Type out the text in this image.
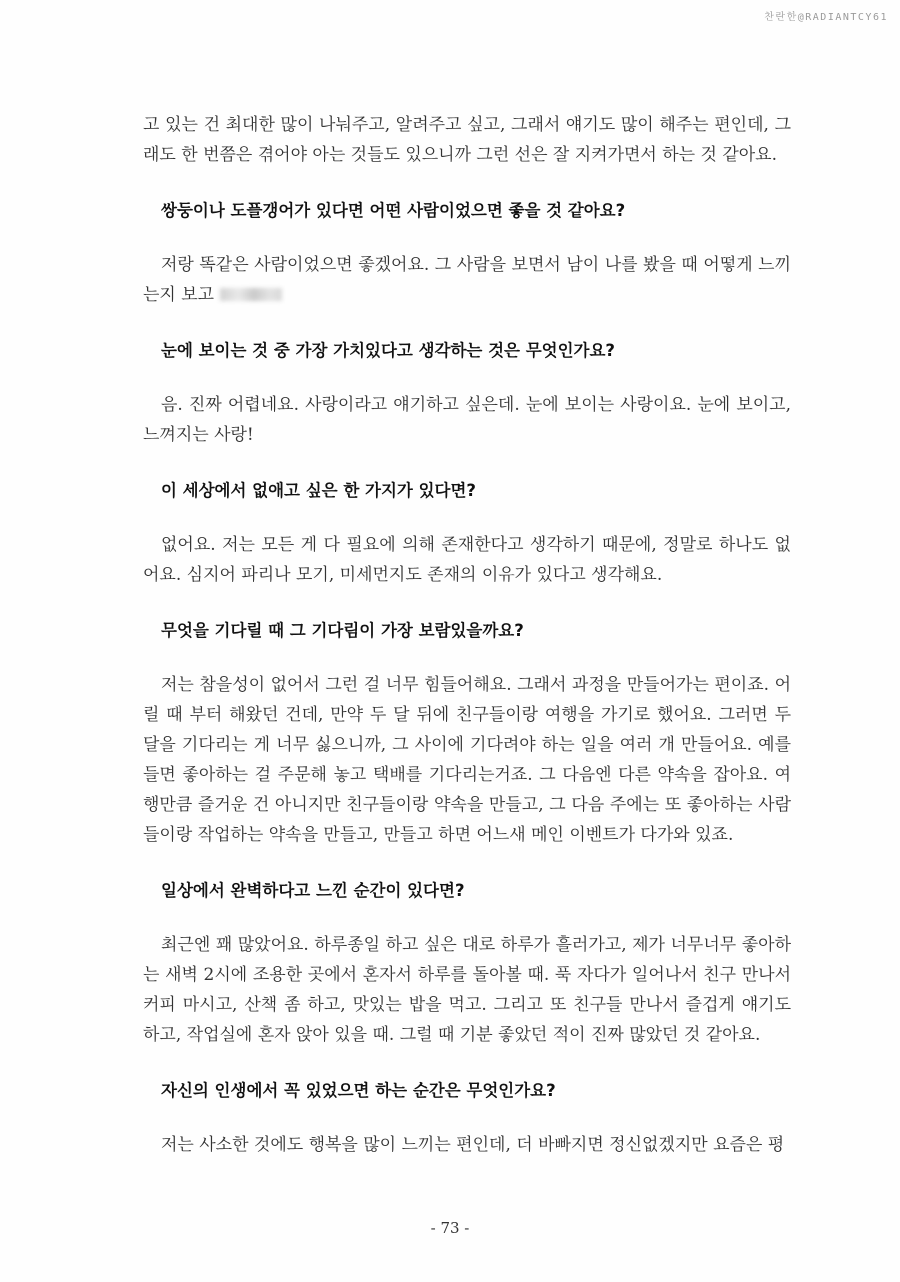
찬란한@RADIANTCY61

고 있는 건 최대한 많이 나눠주고, 알려주고 싶고, 그래서 얘기도 많이 해주는 편인데, 그래도 한 번쯤은 겪어야 아는 것들도 있으니까 그런 선은 잘 지켜가면서 하는 것 같아요.

쌍둥이나 도플갱어가 있다면 어떤 사람이었으면 좋을 것 같아요?

저랑 똑같은 사람이었으면 좋겠어요. 그 사람을 보면서 남이 나를 봤을 때 어떻게 느끼는지 보고

눈에 보이는 것 중 가장 가치있다고 생각하는 것은 무엇인가요?

음. 진짜 어렵네요. 사랑이라고 얘기하고 싶은데. 눈에 보이는 사랑이요. 눈에 보이고, 느껴지는 사랑!

이 세상에서 없애고 싶은 한 가지가 있다면?

없어요. 저는 모든 게 다 필요에 의해 존재한다고 생각하기 때문에, 정말로 하나도 없어요. 심지어 파리나 모기, 미세먼지도 존재의 이유가 있다고 생각해요.

무엇을 기다릴 때 그 기다림이 가장 보람있을까요?

저는 참을성이 없어서 그런 걸 너무 힘들어해요. 그래서 과정을 만들어가는 편이죠. 어릴 때 부터 해왔던 건데, 만약 두 달 뒤에 친구들이랑 여행을 가기로 했어요. 그러면 두 달을 기다리는 게 너무 싫으니까, 그 사이에 기다려야 하는 일을 여러 개 만들어요. 예를 들면 좋아하는 걸 주문해 놓고 택배를 기다리는거죠. 그 다음엔 다른 약속을 잡아요. 여행만큼 즐거운 건 아니지만 친구들이랑 약속을 만들고, 그 다음 주에는 또 좋아하는 사람들이랑 작업하는 약속을 만들고, 만들고 하면 어느새 메인 이벤트가 다가와 있죠.

일상에서 완벽하다고 느낀 순간이 있다면?

최근엔 꽤 많았어요. 하루종일 하고 싶은 대로 하루가 흘러가고, 제가 너무너무 좋아하는 새벽 2시에 조용한 곳에서 혼자서 하루를 돌아볼 때. 푹 자다가 일어나서 친구 만나서 커피 마시고, 산책 좀 하고, 맛있는 밥을 먹고. 그리고 또 친구들 만나서 즐겁게 얘기도 하고, 작업실에 혼자 앉아 있을 때. 그럴 때 기분 좋았던 적이 진짜 많았던 것 같아요.

자신의 인생에서 꼭 있었으면 하는 순간은 무엇인가요?

저는 사소한 것에도 행복을 많이 느끼는 편인데, 더 바빠지면 정신없겠지만 요즘은 평

- 73 -
